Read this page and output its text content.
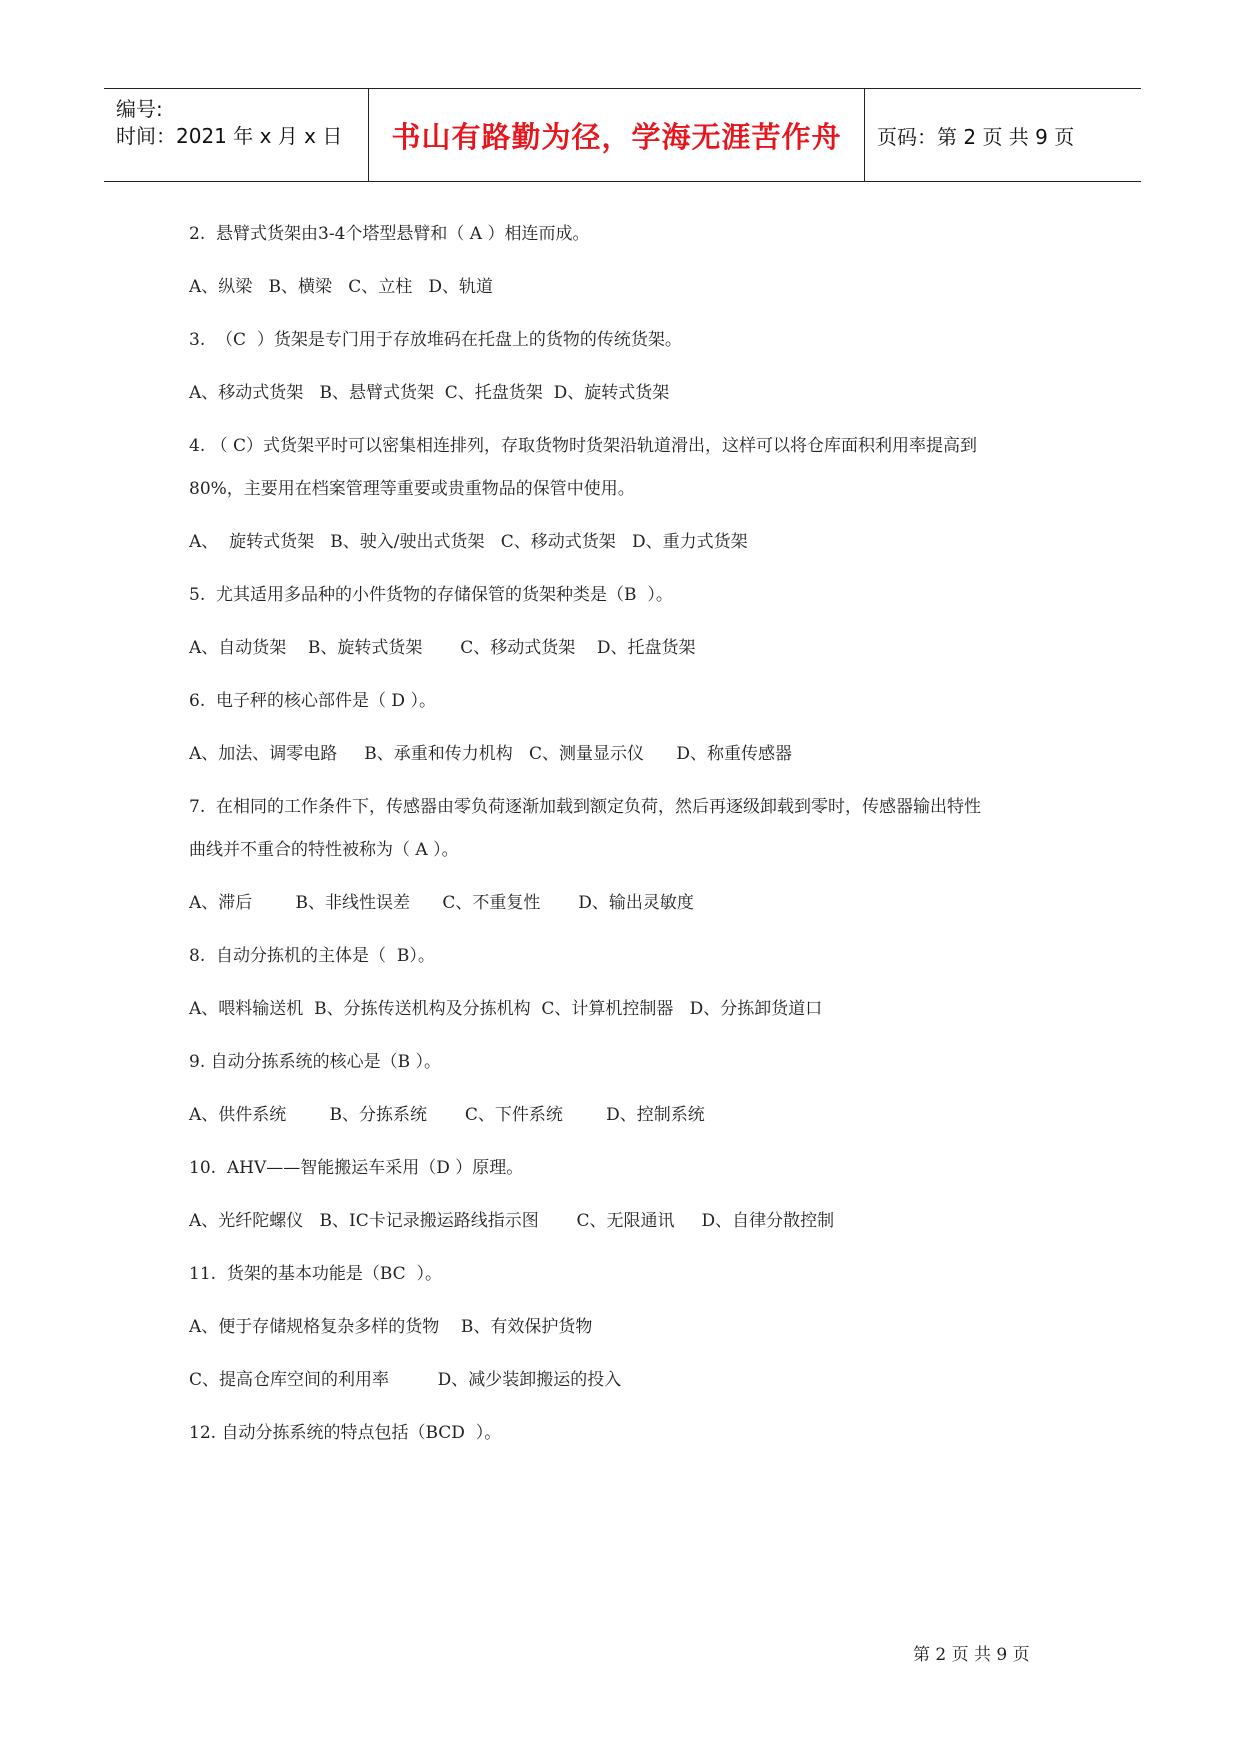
编号:
时间：2021 年 x 月 x 日 书山有路勤为径，学海无涯苦作舟 页码：第 2 页 共 9 页
2.  悬臂式货架由3-4个塔型悬臂和（ A ）相连而成。
A、纵梁   B、横梁   C、立柱   D、轨道
3.  （C  ）货架是专门用于存放堆码在托盘上的货物的传统货架。
A、移动式货架   B、悬臂式货架  C、托盘货架  D、旋转式货架
4. （ C）式货架平时可以密集相连排列，存取货物时货架沿轨道滑出，这样可以将仓库面积利用率提高到
80%，主要用在档案管理等重要或贵重物品的保管中使用。
A、  旋转式货架   B、驶入/驶出式货架   C、移动式货架   D、重力式货架
5.  尤其适用多品种的小件货物的存储保管的货架种类是（B  ）。
A、自动货架    B、旋转式货架       C、移动式货架    D、托盘货架
6.  电子秤的核心部件是（ D ）。
A、加法、调零电路     B、承重和传力机构   C、测量显示仪      D、称重传感器
7.  在相同的工作条件下，传感器由零负荷逐渐加载到额定负荷，然后再逐级卸载到零时，传感器输出特性
曲线并不重合的特性被称为（ A ）。
A、滞后        B、非线性误差      C、不重复性       D、输出灵敏度
8.  自动分拣机的主体是（  B）。
A、喂料输送机  B、分拣传送机构及分拣机构  C、计算机控制器   D、分拣卸货道口
9. 自动分拣系统的核心是（B ）。
A、供件系统        B、分拣系统       C、下件系统        D、控制系统
10.  AHV——智能搬运车采用（D ）原理。
A、光纤陀螺仪   B、IC卡记录搬运路线指示图       C、无限通讯     D、自律分散控制
11.  货架的基本功能是（BC  ）。
A、便于存储规格复杂多样的货物    B、有效保护货物
C、提高仓库空间的利用率         D、减少装卸搬运的投入
12. 自动分拣系统的特点包括（BCD  ）。
第 2 页 共 9 页
